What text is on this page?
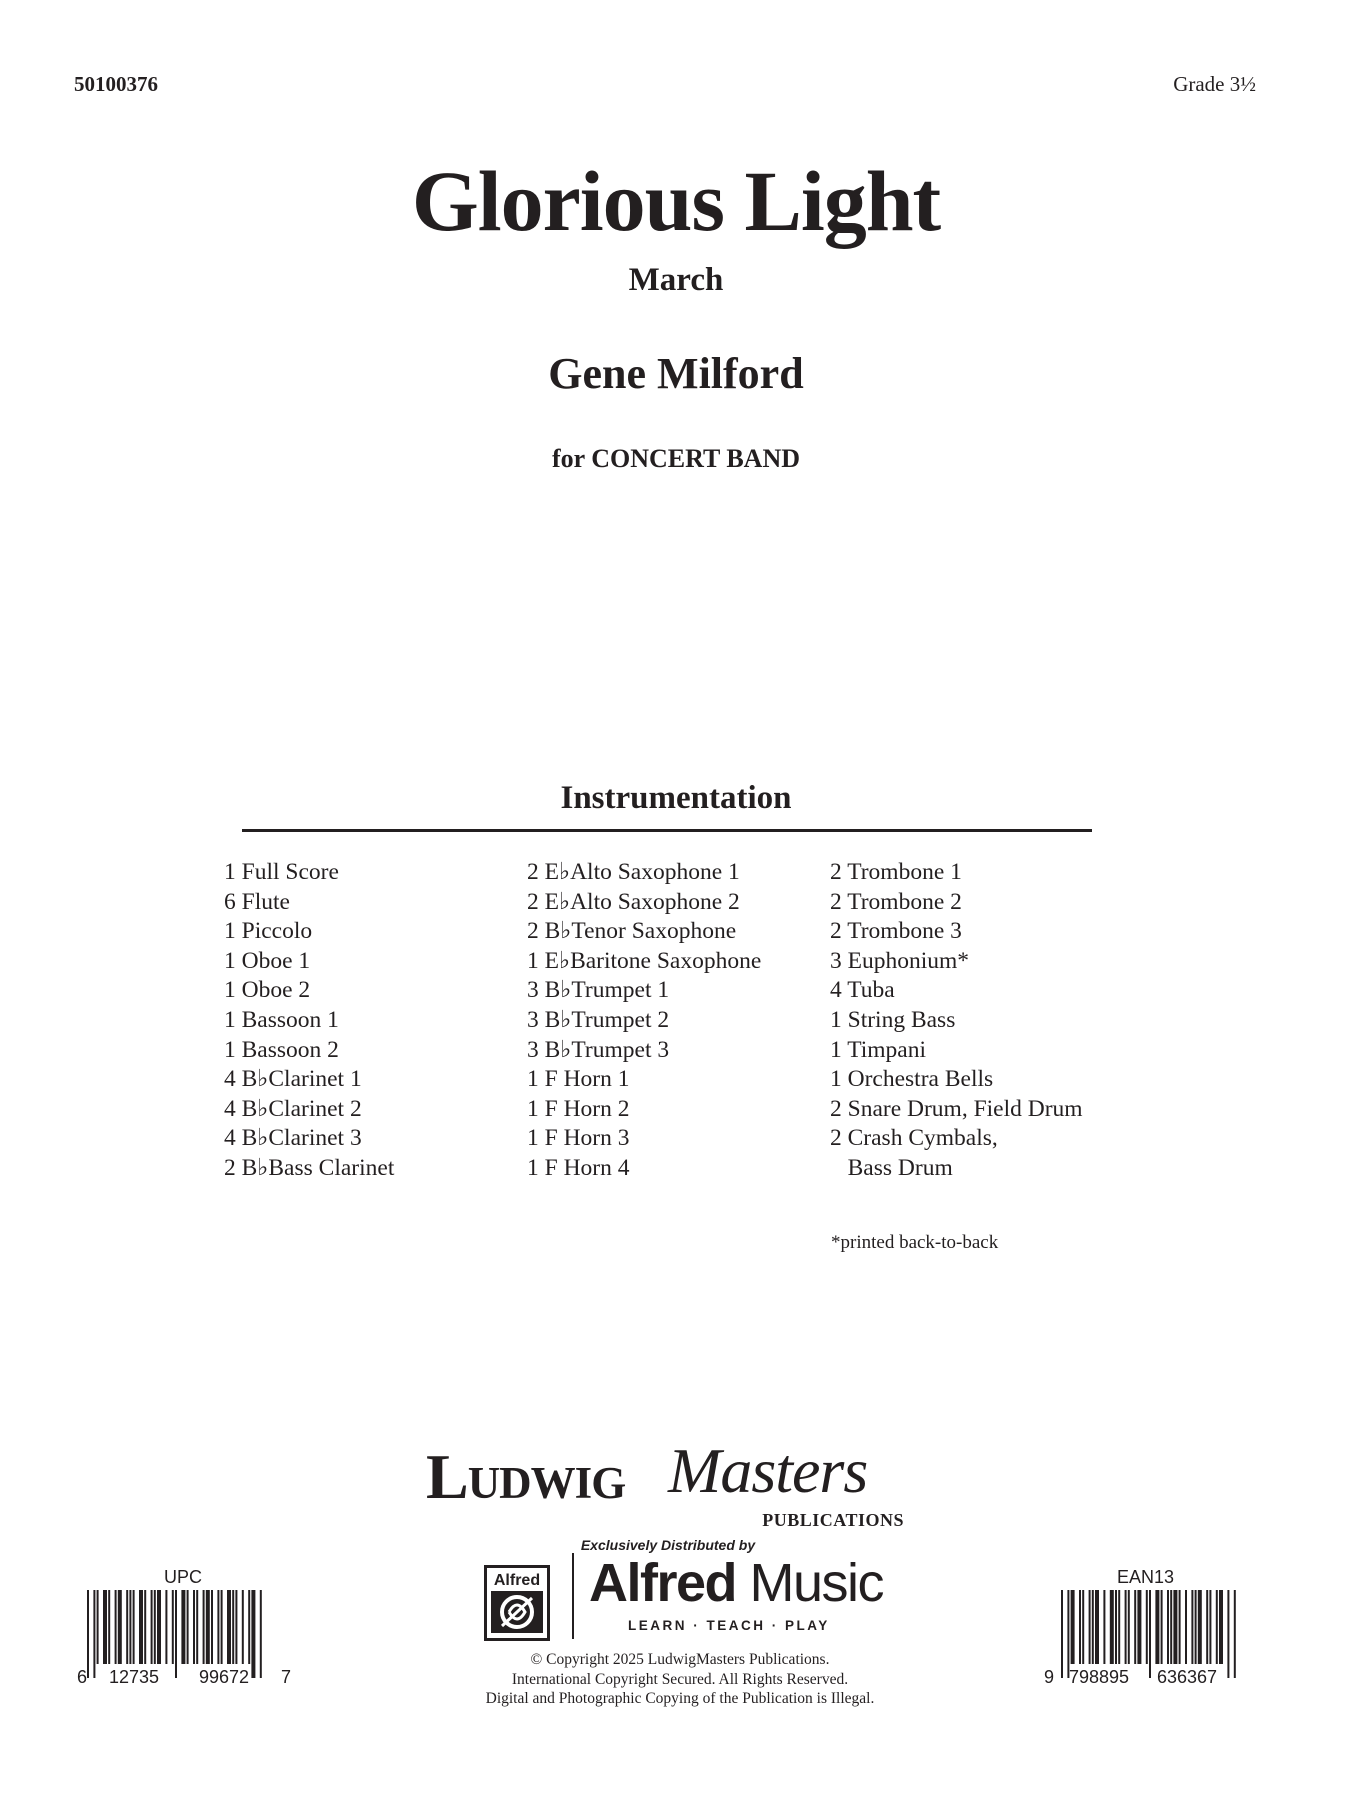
50100376	Grade 3½
Glorious Light
March
Gene Milford
for CONCERT BAND
Instrumentation
1 Full Score
6 Flute
1 Piccolo
1 Oboe 1
1 Oboe 2
1 Bassoon 1
1 Bassoon 2
4 B♭Clarinet 1
4 B♭Clarinet 2
4 B♭Clarinet 3
2 B♭Bass Clarinet
2 E♭Alto Saxophone 1
2 E♭Alto Saxophone 2
2 B♭Tenor Saxophone
1 E♭Baritone Saxophone
3 B♭Trumpet 1
3 B♭Trumpet 2
3 B♭Trumpet 3
1 F Horn 1
1 F Horn 2
1 F Horn 3
1 F Horn 4
2 Trombone 1
2 Trombone 2
2 Trombone 3
3 Euphonium*
4 Tuba
1 String Bass
1 Timpani
1 Orchestra Bells
2 Snare Drum, Field Drum
2 Crash Cymbals,
Bass Drum
*printed back-to-back
Ludwig Masters
PUBLICATIONS
Exclusively Distributed by
Alfred Alfred Music
LEARN · TEACH · PLAY
© Copyright 2025 LudwigMasters Publications.
International Copyright Secured. All Rights Reserved.
Digital and Photographic Copying of the Publication is Illegal.
UPC
6 12735 99672 7
EAN13
9 798895 636367
